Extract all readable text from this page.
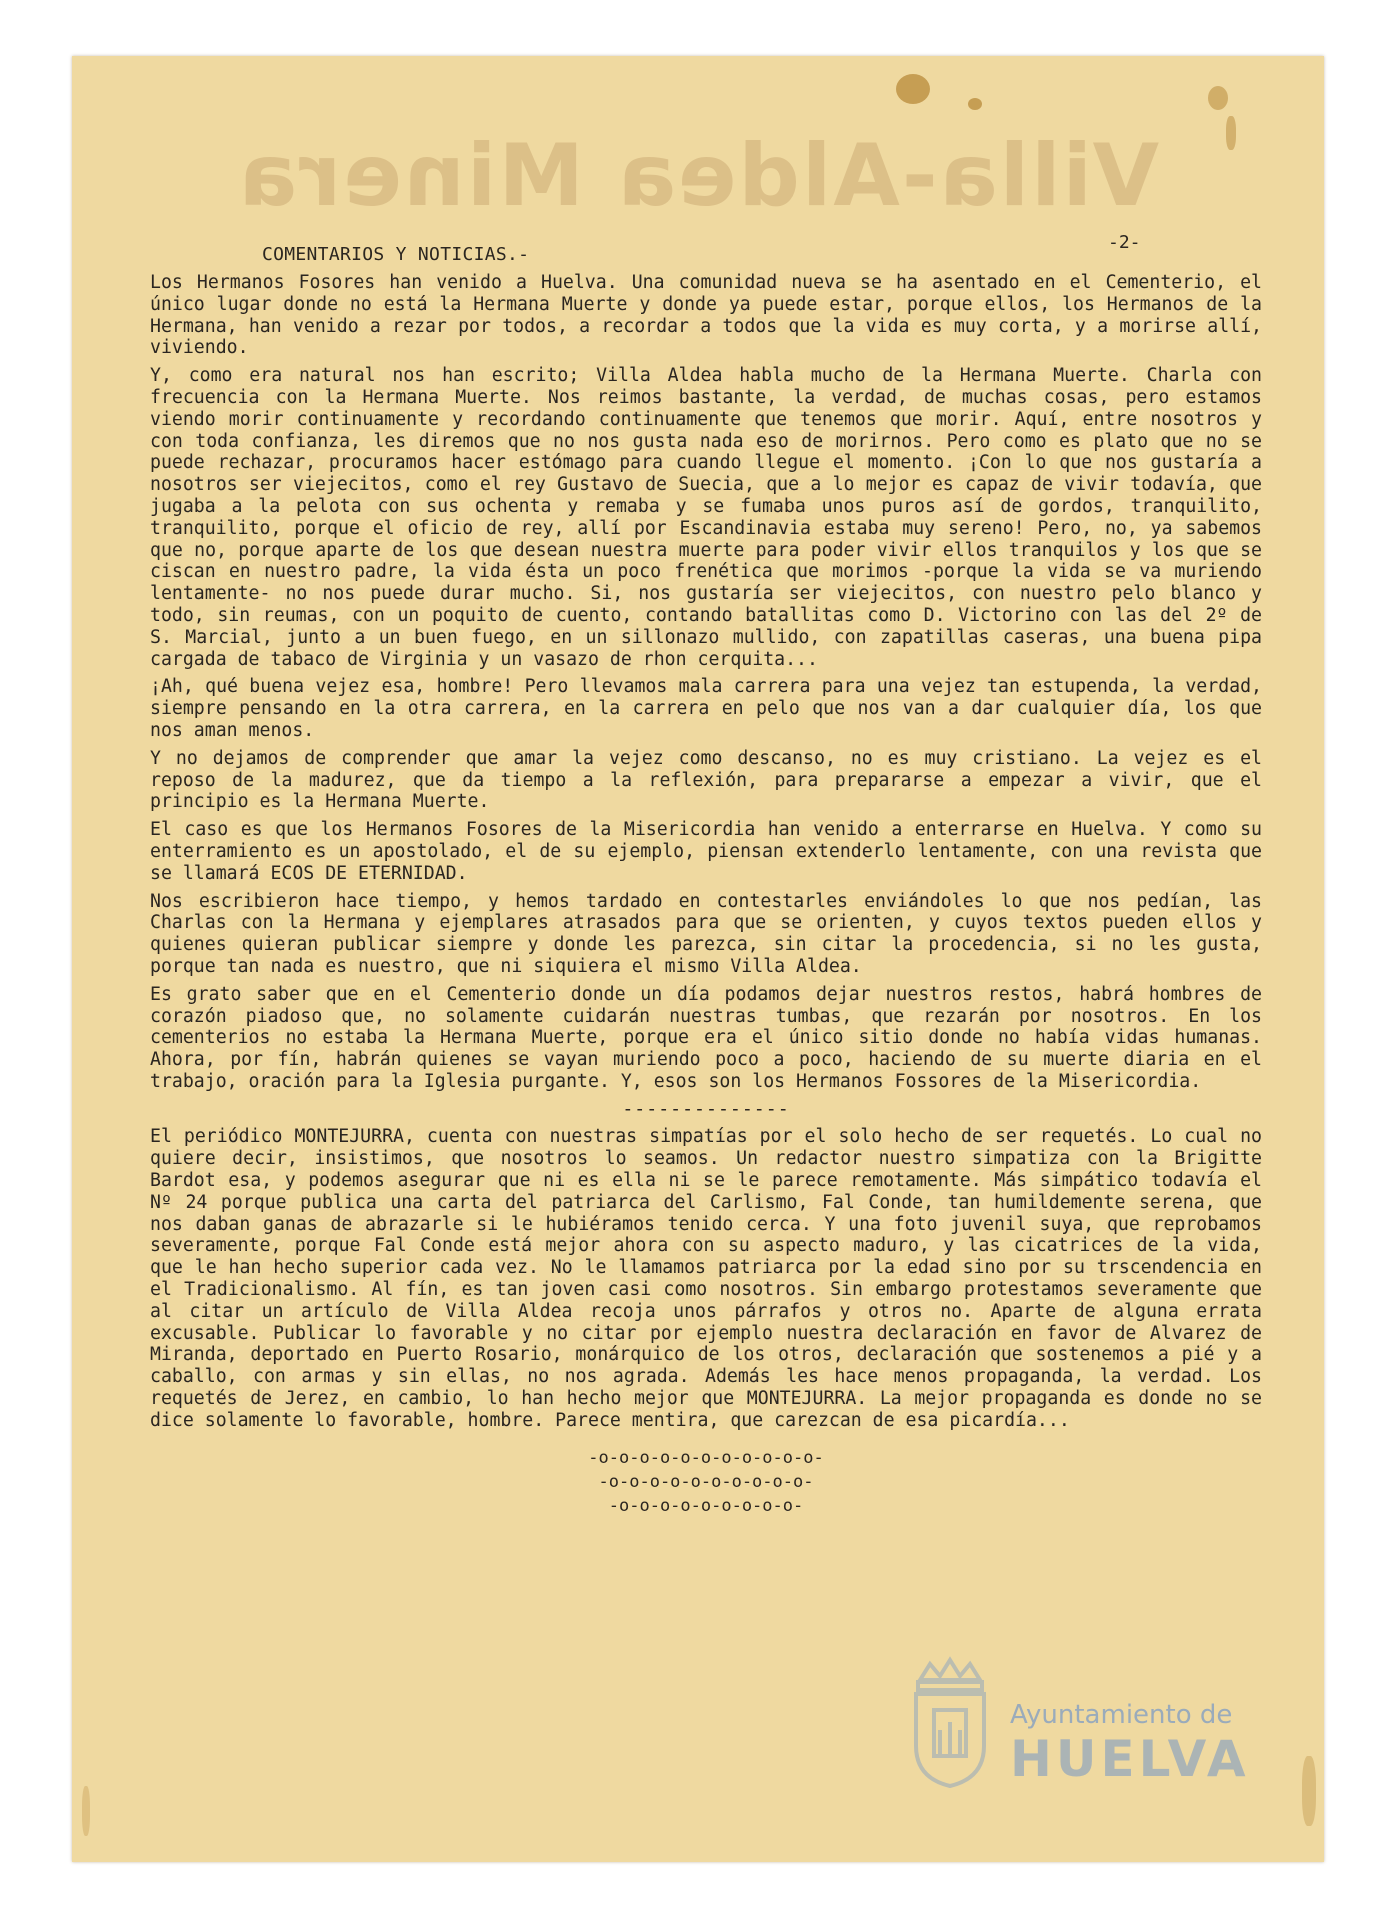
Villa-Aldea Minera
COMENTARIOS Y NOTICIAS.-
-2-

Los Hermanos Fosores han venido a Huelva. Una comunidad nueva se ha asentado en el Cementerio, el único lugar donde no está la Hermana Muerte y donde ya puede estar, porque ellos, los Hermanos de la Hermana, han venido a rezar por todos, a recordar a todos que la vida es muy corta, y a morirse allí, viviendo.

Y, como era natural nos han escrito; Villa Aldea habla mucho de la Hermana Muerte. Charla con frecuencia con la Hermana Muerte. Nos reimos bastante, la verdad, de muchas cosas, pero estamos viendo morir continuamente y recordando continuamente que tenemos que morir. Aquí, entre nosotros y con toda confianza, les diremos que no nos gusta nada eso de morirnos. Pero como es plato que no se puede rechazar, procuramos hacer estómago para cuando llegue el momento. ¡Con lo que nos gustaría a nosotros ser viejecitos, como el rey Gustavo de Suecia, que a lo mejor es capaz de vivir todavía, que jugaba a la pelota con sus ochenta y remaba y se fumaba unos puros así de gordos, tranquilito, tranquilito, porque el oficio de rey, allí por Escandinavia estaba muy sereno! Pero, no, ya sabemos que no, porque aparte de los que desean nuestra muerte para poder vivir ellos tranquilos y los que se ciscan en nuestro padre, la vida ésta un poco frenética que morimos -porque la vida se va muriendo lentamente- no nos puede durar mucho. Si, nos gustaría ser viejecitos, con nuestro pelo blanco y todo, sin reumas, con un poquito de cuento, contando batallitas como D. Victorino con las del 2º de S. Marcial, junto a un buen fuego, en un sillonazo mullido, con zapatillas caseras, una buena pipa cargada de tabaco de Virginia y un vasazo de rhon cerquita...

¡Ah, qué buena vejez esa, hombre! Pero llevamos mala carrera para una vejez tan estupenda, la verdad, siempre pensando en la otra carrera, en la carrera en pelo que nos van a dar cualquier día, los que nos aman menos.

Y no dejamos de comprender que amar la vejez como descanso, no es muy cristiano. La vejez es el reposo de la madurez, que da tiempo a la reflexión, para prepararse a empezar a vivir, que el principio es la Hermana Muerte.

El caso es que los Hermanos Fosores de la Misericordia han venido a enterrarse en Huelva. Y como su enterramiento es un apostolado, el de su ejemplo, piensan extenderlo lentamente, con una revista que se llamará ECOS DE ETERNIDAD.

Nos escribieron hace tiempo, y hemos tardado en contestarles enviándoles lo que nos pedían, las Charlas con la Hermana y ejemplares atrasados para que se orienten, y cuyos textos pueden ellos y quienes quieran publicar siempre y donde les parezca, sin citar la procedencia, si no les gusta, porque tan nada es nuestro, que ni siquiera el mismo Villa Aldea.

Es grato saber que en el Cementerio donde un día podamos dejar nuestros restos, habrá hombres de corazón piadoso que, no solamente cuidarán nuestras tumbas, que rezarán por nosotros. En los cementerios no estaba la Hermana Muerte, porque era el único sitio donde no había vidas humanas. Ahora, por fín, habrán quienes se vayan muriendo poco a poco, haciendo de su muerte diaria en el trabajo, oración para la Iglesia purgante. Y, esos son los Hermanos Fossores de la Misericordia.

--------------

El periódico MONTEJURRA, cuenta con nuestras simpatías por el solo hecho de ser requetés. Lo cual no quiere decir, insistimos, que nosotros lo seamos. Un redactor nuestro simpatiza con la Brigitte Bardot esa, y podemos asegurar que ni es ella ni se le parece remotamente. Más simpático todavía el Nº 24 porque publica una carta del patriarca del Carlismo, Fal Conde, tan humildemente serena, que nos daban ganas de abrazarle si le hubiéramos tenido cerca. Y una foto juvenil suya, que reprobamos severamente, porque Fal Conde está mejor ahora con su aspecto maduro, y las cicatrices de la vida, que le han hecho superior cada vez. No le llamamos patriarca por la edad sino por su trscendencia en el Tradicionalismo. Al fín, es tan joven casi como nosotros. Sin embargo protestamos severamente que al citar un artículo de Villa Aldea recoja unos párrafos y otros no. Aparte de alguna errata excusable. Publicar lo favorable y no citar por ejemplo nuestra declaración en favor de Alvarez de Miranda, deportado en Puerto Rosario, monárquico de los otros, declaración que sostenemos a pié y a caballo, con armas y sin ellas, no nos agrada. Además les hace menos propaganda, la verdad. Los requetés de Jerez, en cambio, lo han hecho mejor que MONTEJURRA. La mejor propaganda es donde no se dice solamente lo favorable, hombre. Parece mentira, que carezcan de esa picardía...

-o-o-o-o-o-o-o-o-o-o-o-
-o-o-o-o-o-o-o-o-o-o-
-o-o-o-o-o-o-o-o-o-
Ayuntamiento de
HUELVA
